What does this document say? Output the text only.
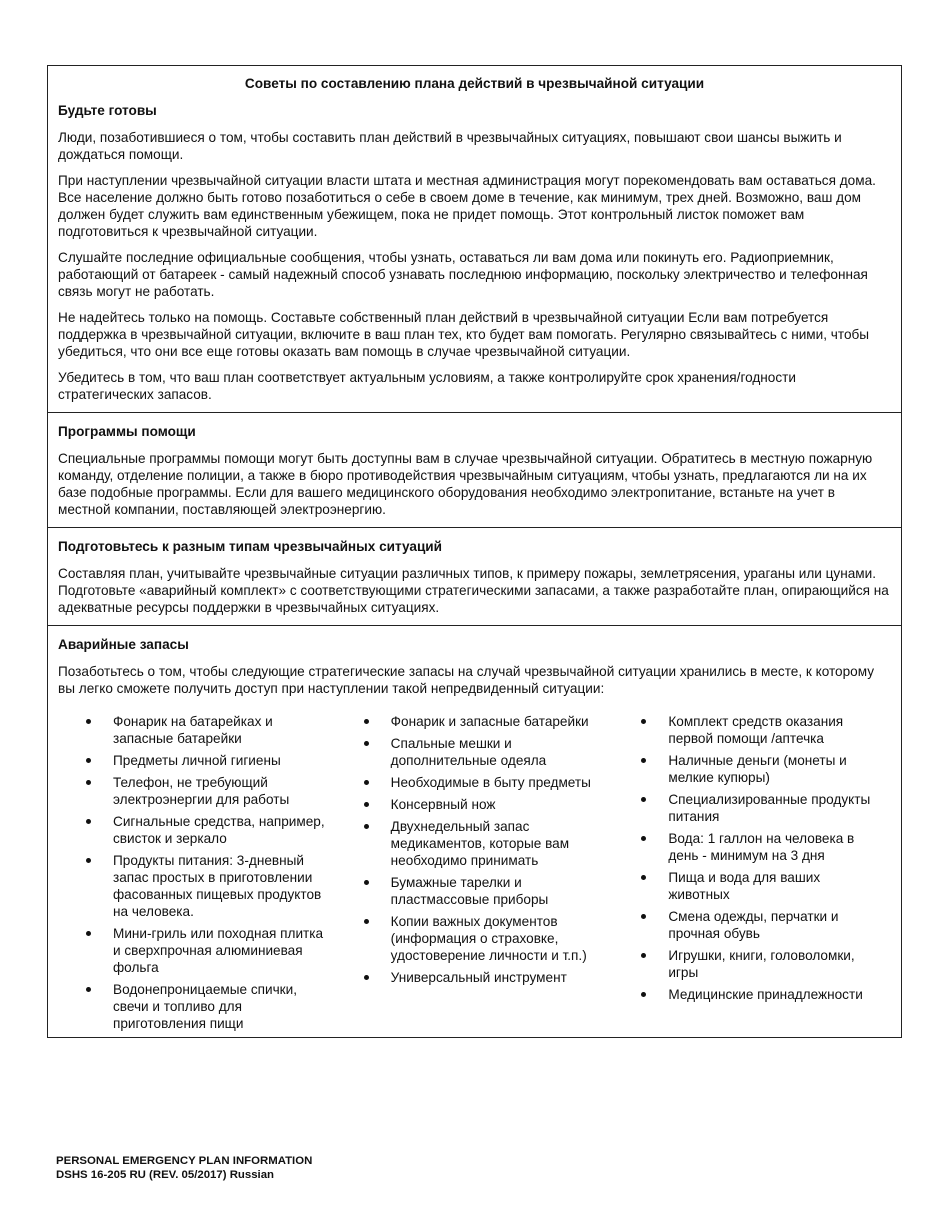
Советы по составлению плана действий в чрезвычайной ситуации
Будьте готовы

Люди, позаботившиеся о том, чтобы составить план действий в чрезвычайных ситуациях, повышают свои шансы выжить и дождаться помощи.

При наступлении чрезвычайной ситуации власти штата и местная администрация могут порекомендовать вам оставаться дома. Все население должно быть готово позаботиться о себе в своем доме в течение, как минимум, трех дней. Возможно, ваш дом должен будет служить вам единственным убежищем, пока не придет помощь. Этот контрольный листок поможет вам подготовиться к чрезвычайной ситуации.

Слушайте последние официальные сообщения, чтобы узнать, оставаться ли вам дома или покинуть его. Радиоприемник, работающий от батареек - самый надежный способ узнавать последнюю информацию, поскольку электричество и телефонная связь могут не работать.

Не надейтесь только на помощь. Составьте собственный план действий в чрезвычайной ситуации Если вам потребуется поддержка в чрезвычайной ситуации, включите в ваш план тех, кто будет вам помогать. Регулярно связывайтесь с ними, чтобы убедиться, что они все еще готовы оказать вам помощь в случае чрезвычайной ситуации.

Убедитесь в том, что ваш план соответствует актуальным условиям, а также контролируйте срок хранения/годности стратегических запасов.

Программы помощи

Специальные программы помощи могут быть доступны вам в случае чрезвычайной ситуации. Обратитесь в местную пожарную команду, отделение полиции, а также в бюро противодействия чрезвычайным ситуациям, чтобы узнать, предлагаются ли на их базе подобные программы. Если для вашего медицинского оборудования необходимо электропитание, встаньте на учет в местной компании, поставляющей электроэнергию.

Подготовьтесь к разным типам чрезвычайных ситуаций

Составляя план, учитывайте чрезвычайные ситуации различных типов, к примеру пожары, землетрясения, ураганы или цунами. Подготовьте «аварийный комплект» с соответствующими стратегическими запасами, а также разработайте план, опирающийся на адекватные ресурсы поддержки в чрезвычайных ситуациях.

Аварийные запасы

Позаботьтесь о том, чтобы следующие стратегические запасы на случай чрезвычайной ситуации хранились в месте, к которому вы легко сможете получить доступ при наступлении такой непредвиденный ситуации:

Фонарик на батарейках и запасные батарейки
Предметы личной гигиены
Телефон, не требующий электроэнергии для работы
Сигнальные средства, например, свисток и зеркало
Продукты питания: 3-дневный запас простых в приготовлении фасованных пищевых продуктов на человека.
Мини-гриль или походная плитка и сверхпрочная алюминиевая фольга
Водонепроницаемые спички, свечи и топливо для приготовления пищи
Фонарик и запасные батарейки
Спальные мешки и дополнительные одеяла
Необходимые в быту предметы
Консервный нож
Двухнедельный запас медикаментов, которые вам необходимо принимать
Бумажные тарелки и пластмассовые приборы
Копии важных документов (информация о страховке, удостоверение личности и т.п.)
Универсальный инструмент
Комплект средств оказания первой помощи /аптечка
Наличные деньги (монеты и мелкие купюры)
Специализированные продукты питания
Вода: 1 галлон на человека в день - минимум на 3 дня
Пища и вода для ваших животных
Смена одежды, перчатки и прочная обувь
Игрушки, книги, головоломки, игры
Медицинские принадлежности
PERSONAL EMERGENCY PLAN INFORMATION
DSHS 16-205 RU (REV. 05/2017) Russian
